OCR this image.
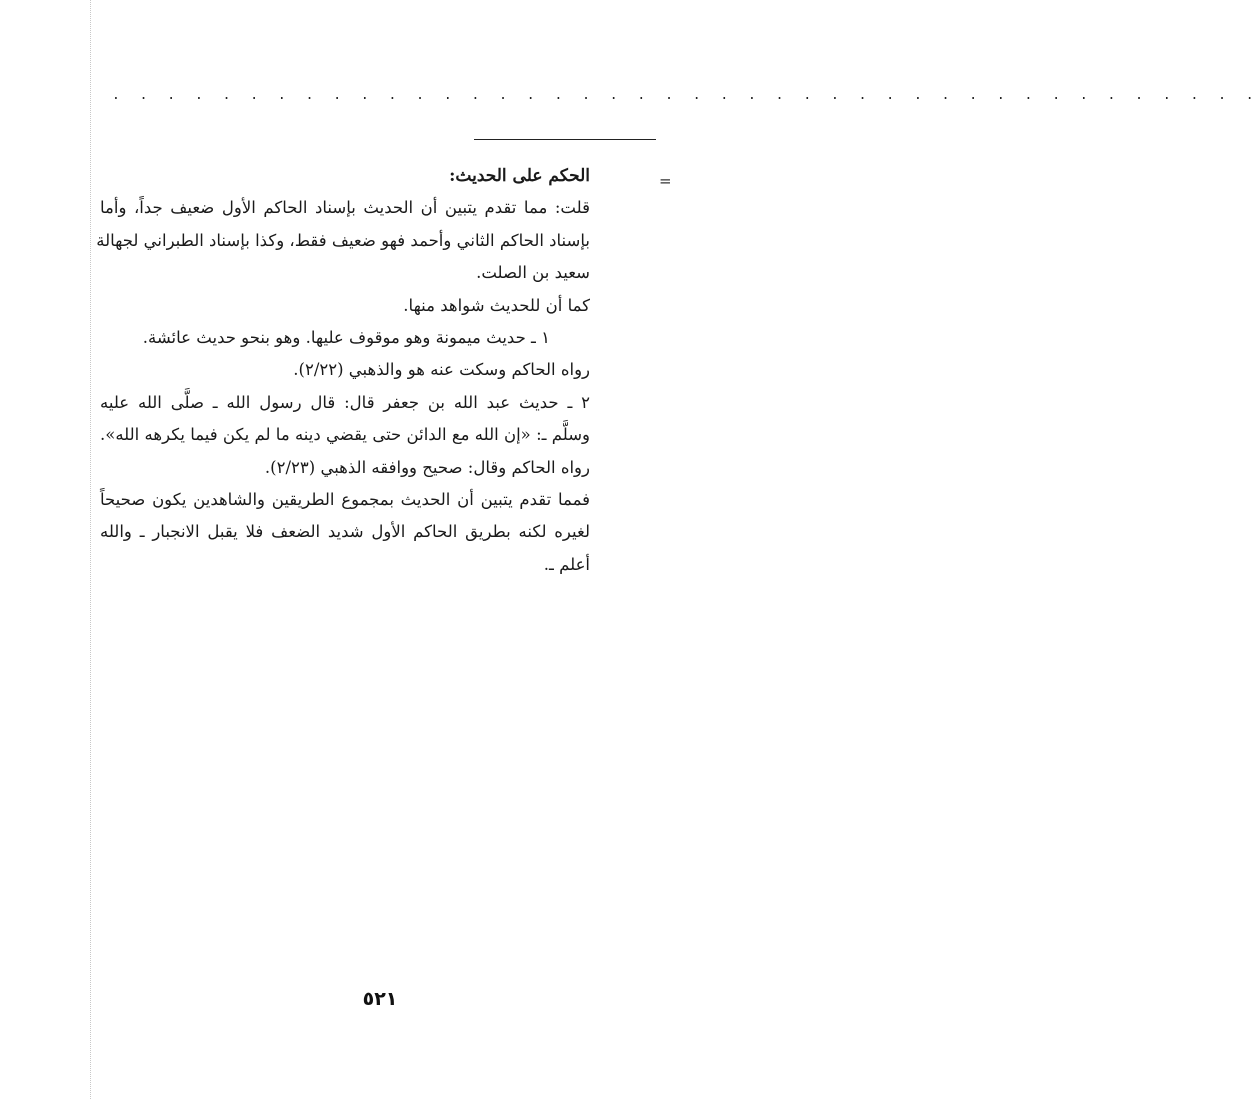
. . . . . . . . . . . . . . . . . . . . . . . . . . . . . . . . . . . . . . . . . .
=
الحكم على الحديث:
قلت: مما تقدم يتبين أن الحديث بإسناد الحاكم الأول ضعيف جداً، وأما
بإسناد الحاكم الثاني وأحمد فهو ضعيف فقط، وكذا بإسناد الطبراني لجهالة
سعيد بن الصلت.
كما أن للحديث شواهد منها.
١ ـ حديث ميمونة وهو موقوف عليها. وهو بنحو حديث عائشة.
رواه الحاكم وسكت عنه هو والذهبي (٢/٢٢).
٢ ـ حديث عبد الله بن جعفر قال: قال رسول الله ـ صلَّى الله عليه
وسلَّم ـ: «إن الله مع الدائن حتى يقضي دينه ما لم يكن فيما يكرهه الله».
رواه الحاكم وقال: صحيح ووافقه الذهبي (٢/٢٣).
فمما تقدم يتبين أن الحديث بمجموع الطريقين والشاهدين يكون صحيحاً
لغيره لكنه بطريق الحاكم الأول شديد الضعف فلا يقبل الانجبار ـ والله
أعلم ـ.
٥٢١
